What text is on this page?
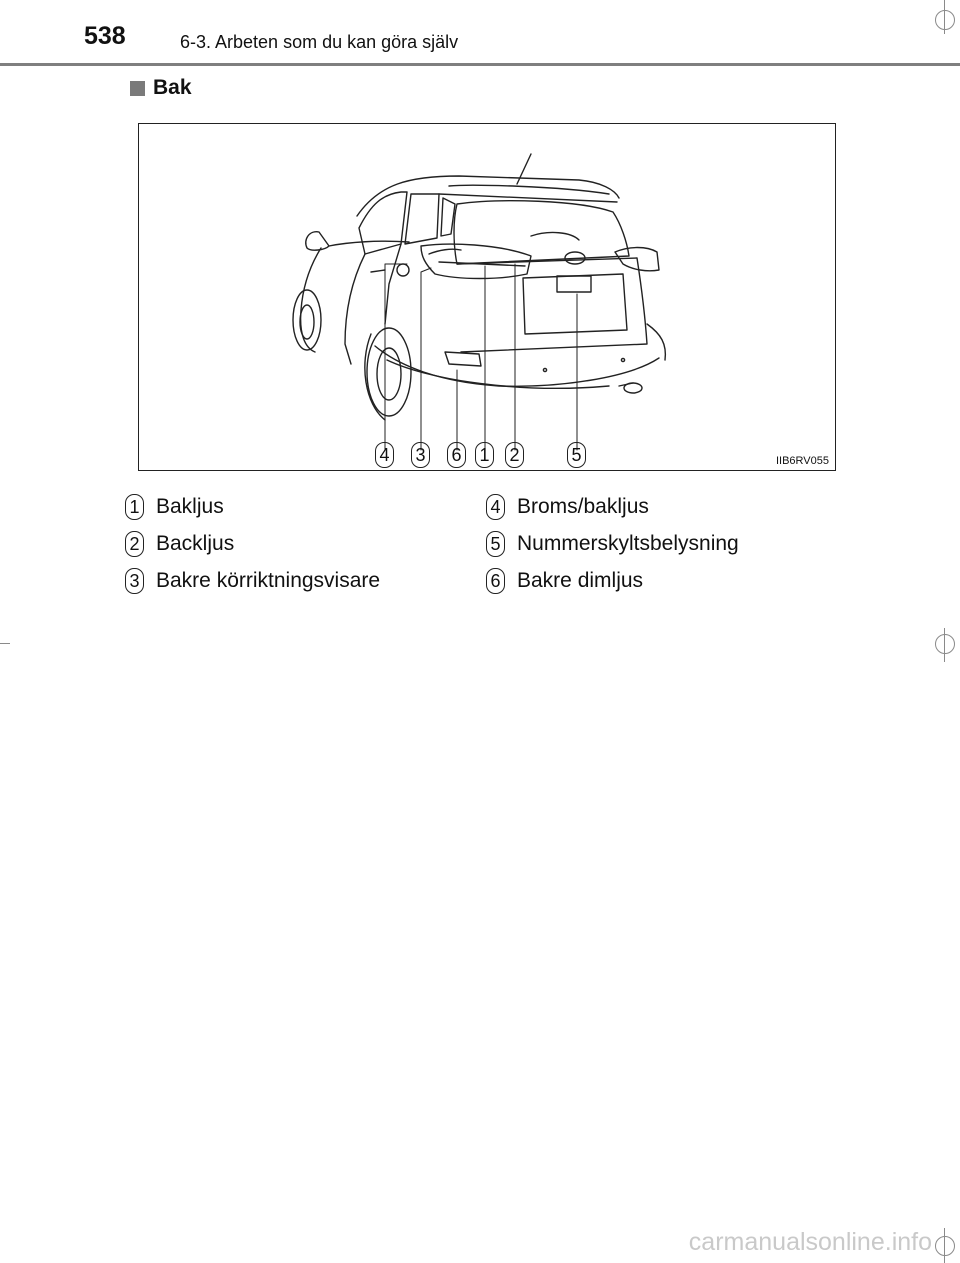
538	6-3. Arbeten som du kan göra själv
Bak
4	3	6 1	2	5	IIB6RV055
1 Bakljus
2 Backljus
3 Bakre körriktningsvisare
4 Broms/bakljus
5 Nummerskyltsbelysning
6 Bakre dimljus
carmanualsonline.info
